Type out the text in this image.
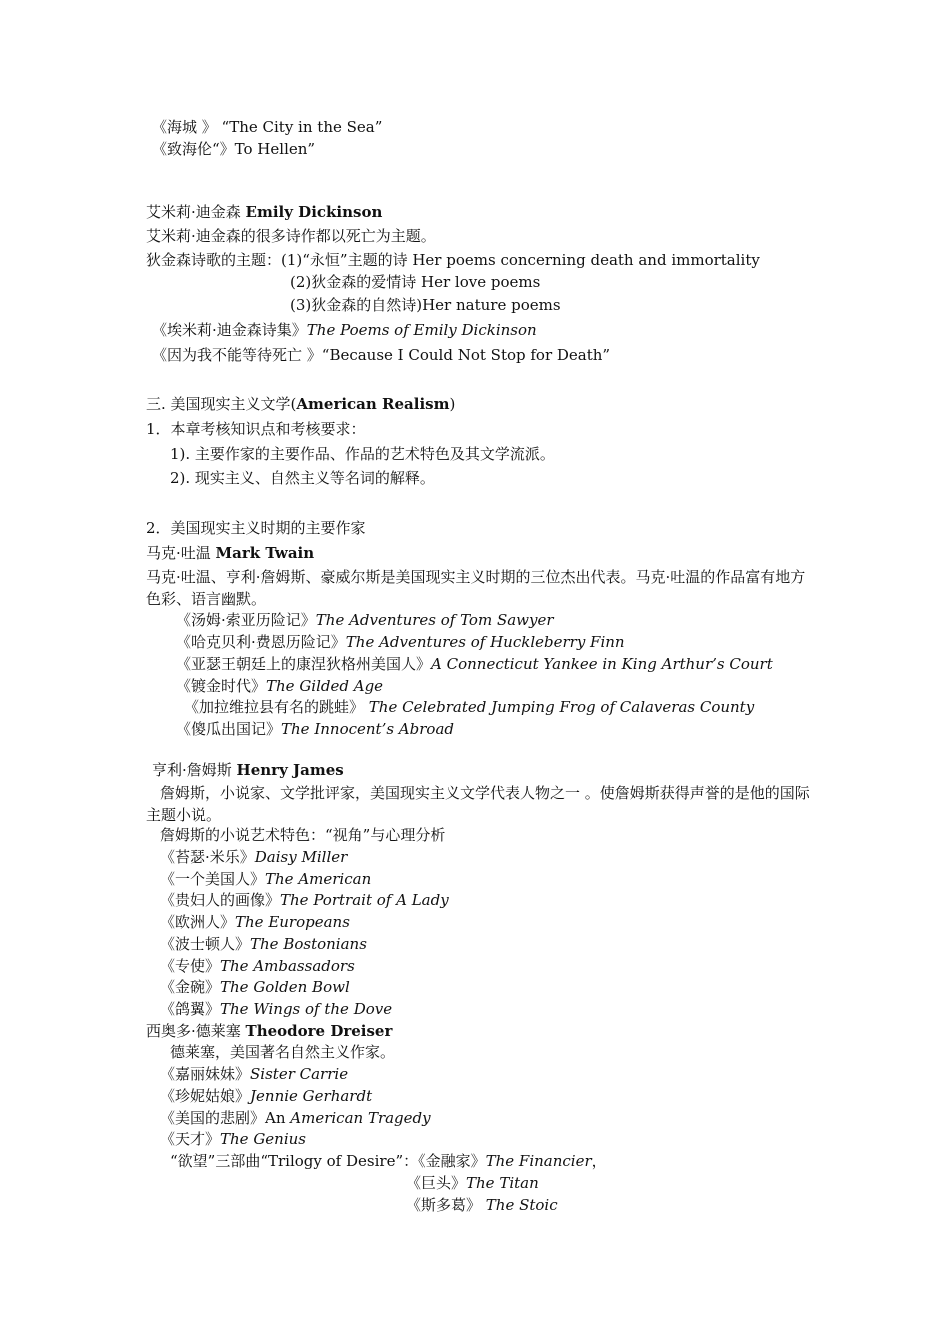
《海城 》 “The City in the Sea”
《致海伦“》To Hellen”
艾米莉·迪金森 Emily Dickinson
艾米莉·迪金森的很多诗作都以死亡为主题。
狄金森诗歌的主题：(1)“永恒”主题的诗 Her poems concerning death and immortality
(2)狄金森的爱情诗 Her love poems
(3)狄金森的自然诗)Her nature poems
《埃米莉·迪金森诗集》The Poems of Emily Dickinson
《因为我不能等待死亡 》“Because I Could Not Stop for Death”
三. 美国现实主义文学(American Realism)
1．本章考核知识点和考核要求：
1). 主要作家的主要作品、作品的艺术特色及其文学流派。
2). 现实主义、自然主义等名词的解释。
2．美国现实主义时期的主要作家
马克·吐温 Mark Twain
马克·吐温、亨利·詹姆斯、豪威尔斯是美国现实主义时期的三位杰出代表。马克·吐温的作品富有地方色彩、语言幽默。
《汤姆·索亚历险记》The Adventures of Tom Sawyer
《哈克贝利·费恩历险记》The Adventures of Huckleberry Finn
《亚瑟王朝廷上的康涅狄格州美国人》A Connecticut Yankee in King Arthur’s Court
《镀金时代》The Gilded Age
《加拉维拉县有名的跳蛙》 The Celebrated Jumping Frog of Calaveras County
《傻瓜出国记》The Innocent’s Abroad
亨利·詹姆斯 Henry James
詹姆斯，小说家、文学批评家，美国现实主义文学代表人物之一 。使詹姆斯获得声誉的是他的国际主题小说。
詹姆斯的小说艺术特色：“视角”与心理分析
《苔瑟·米乐》Daisy Miller
《一个美国人》The American
《贵妇人的画像》The Portrait of A Lady
《欧洲人》The Europeans
《波士顿人》The Bostonians
《专使》The Ambassadors
《金碗》The Golden Bowl
《鸽翼》The Wings of the Dove
西奥多·德莱塞 Theodore Dreiser
德莱塞，美国著名自然主义作家。
《嘉丽妹妹》Sister Carrie
《珍妮姑娘》Jennie Gerhardt
《美国的悲剧》An American Tragedy
《天才》The Genius
“欲望”三部曲“Trilogy of Desire”：《金融家》The Financier，
《巨头》The Titan
《斯多葛》 The Stoic
